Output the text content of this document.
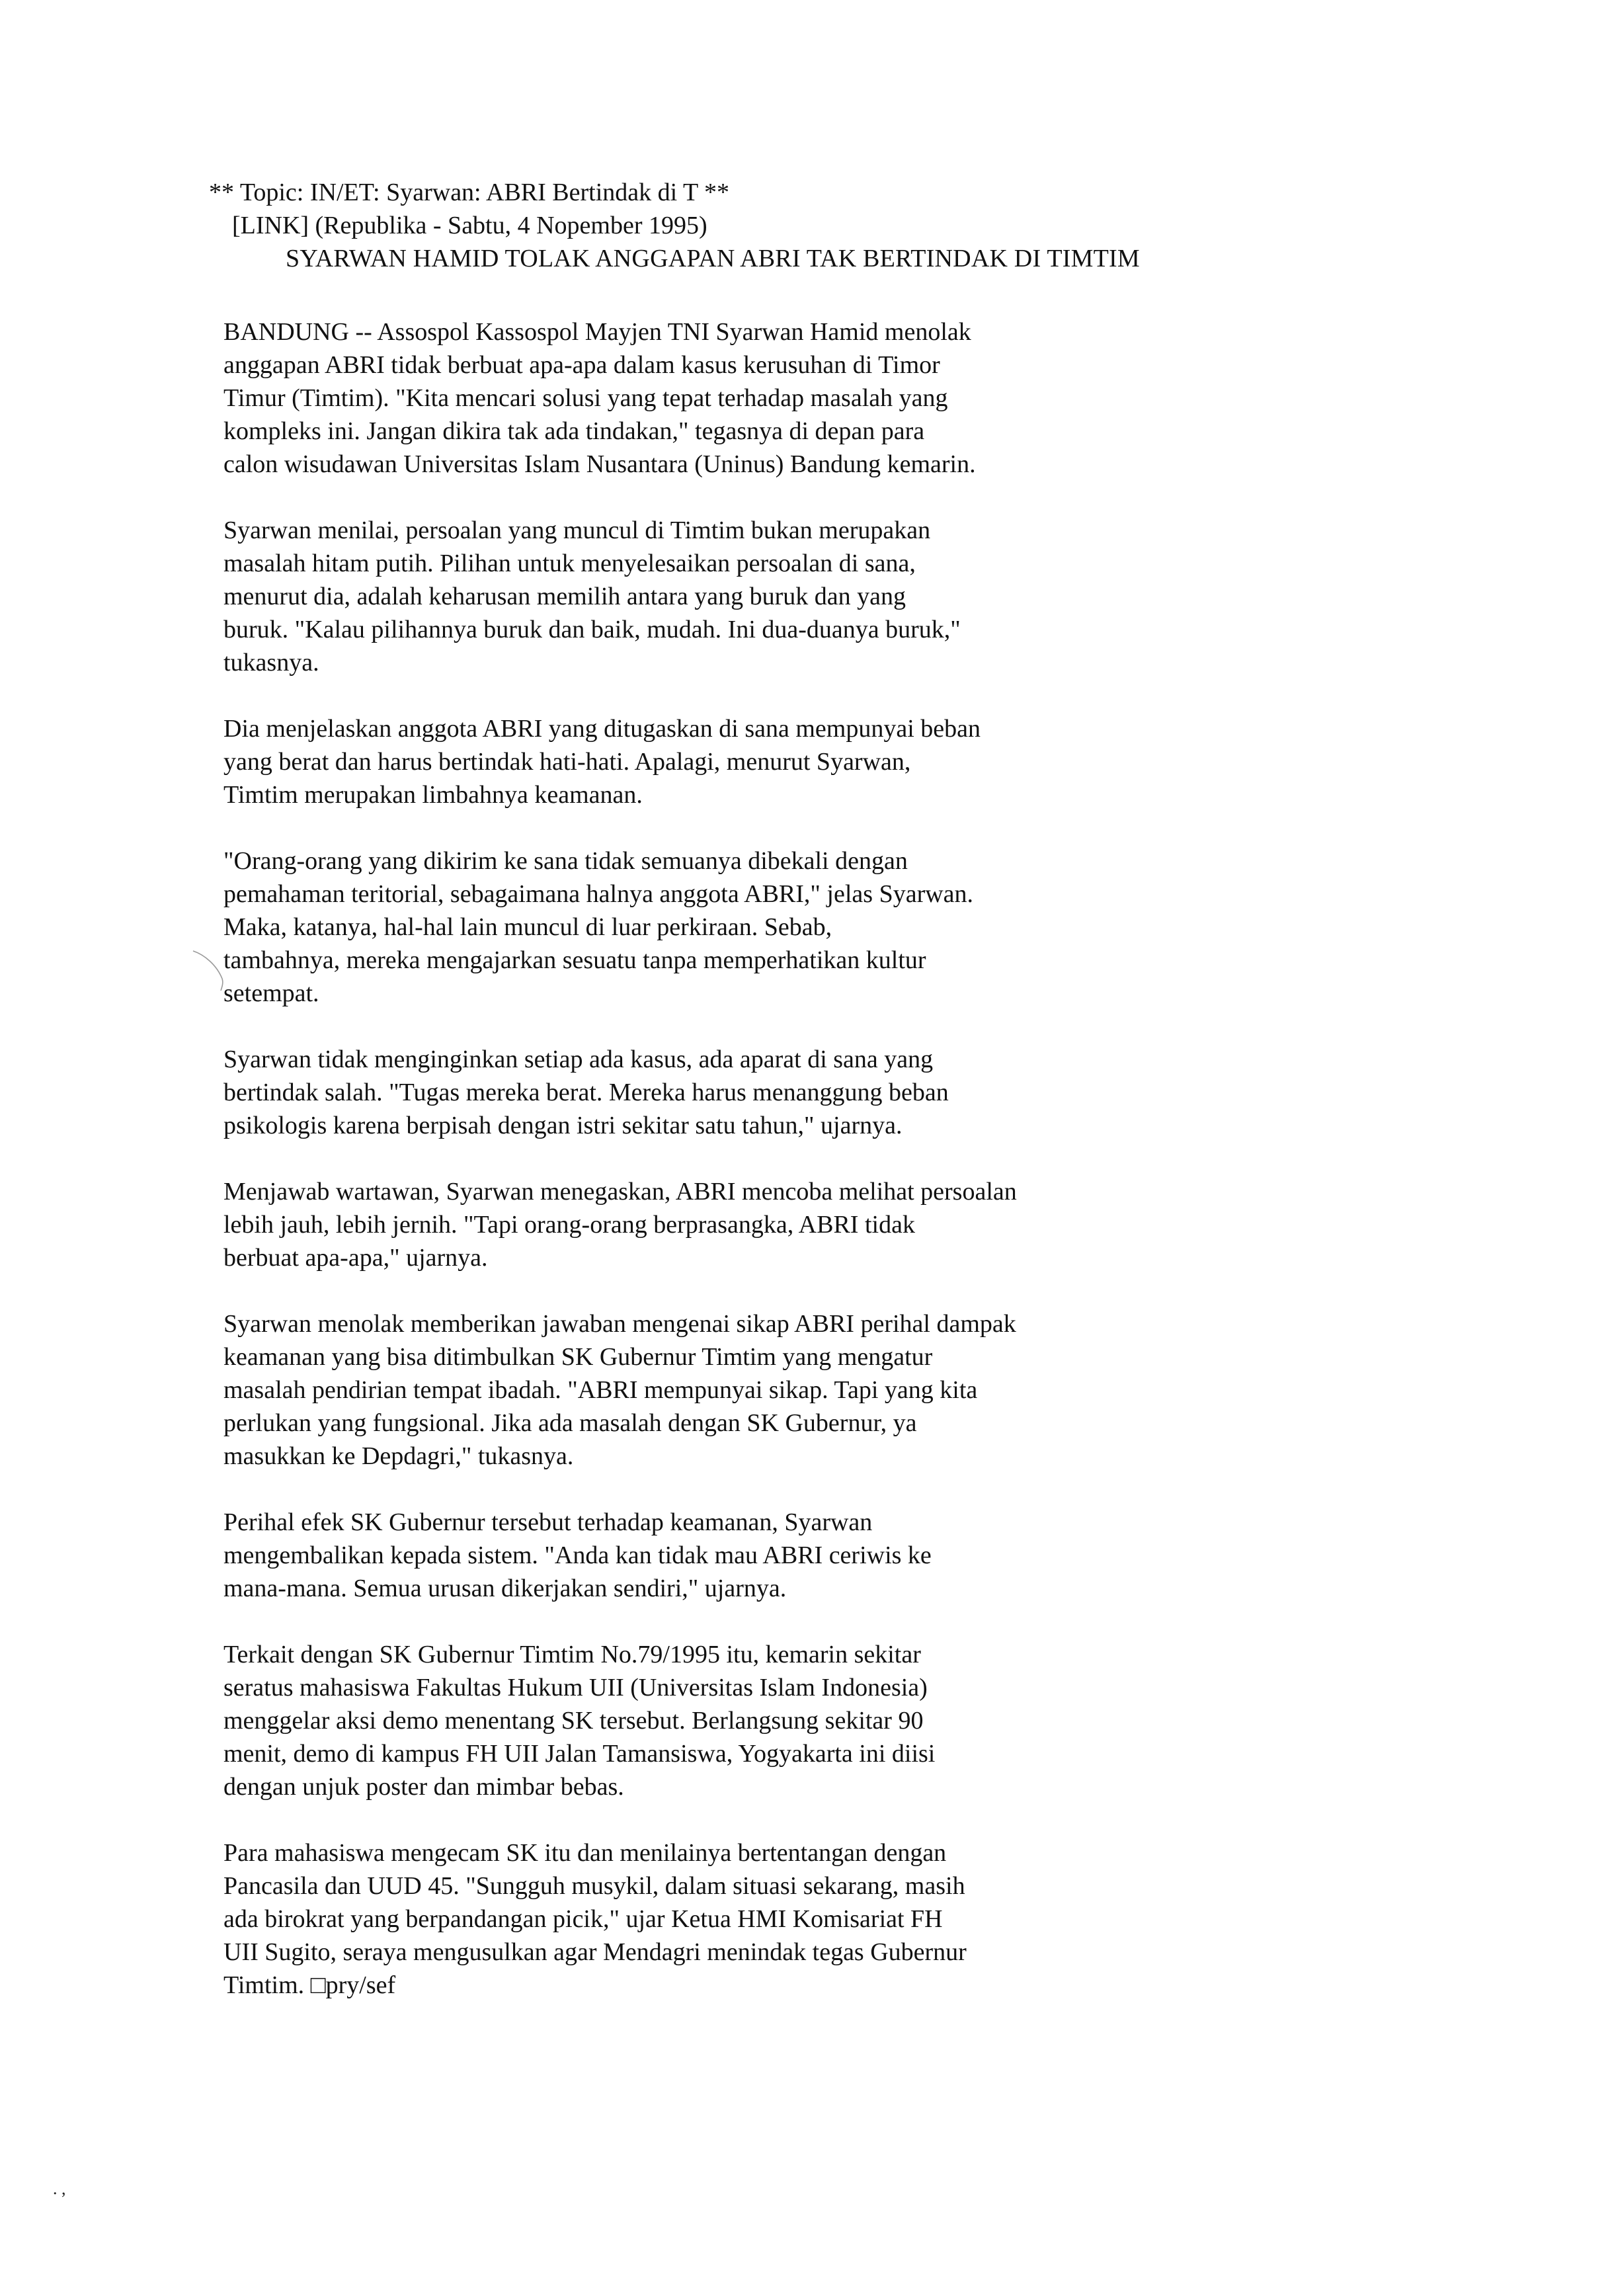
** Topic: IN/ET: Syarwan: ABRI Bertindak di T **
[LINK] (Republika - Sabtu, 4 Nopember 1995)
SYARWAN HAMID TOLAK ANGGAPAN ABRI TAK BERTINDAK DI TIMTIM
BANDUNG -- Assospol Kassospol Mayjen TNI Syarwan Hamid menolak
anggapan ABRI tidak berbuat apa-apa dalam kasus kerusuhan di Timor
Timur (Timtim). "Kita mencari solusi yang tepat terhadap masalah yang
kompleks ini. Jangan dikira tak ada tindakan," tegasnya di depan para
calon wisudawan Universitas Islam Nusantara (Uninus) Bandung kemarin.
Syarwan menilai, persoalan yang muncul di Timtim bukan merupakan
masalah hitam putih. Pilihan untuk menyelesaikan persoalan di sana,
menurut dia, adalah keharusan memilih antara yang buruk dan yang
buruk. "Kalau pilihannya buruk dan baik, mudah. Ini dua-duanya buruk,"
tukasnya.
Dia menjelaskan anggota ABRI yang ditugaskan di sana mempunyai beban
yang berat dan harus bertindak hati-hati. Apalagi, menurut Syarwan,
Timtim merupakan limbahnya keamanan.
"Orang-orang yang dikirim ke sana tidak semuanya dibekali dengan
pemahaman teritorial, sebagaimana halnya anggota ABRI," jelas Syarwan.
Maka, katanya, hal-hal lain muncul di luar perkiraan. Sebab,
tambahnya, mereka mengajarkan sesuatu tanpa memperhatikan kultur
setempat.
Syarwan tidak menginginkan setiap ada kasus, ada aparat di sana yang
bertindak salah. "Tugas mereka berat. Mereka harus menanggung beban
psikologis karena berpisah dengan istri sekitar satu tahun," ujarnya.
Menjawab wartawan, Syarwan menegaskan, ABRI mencoba melihat persoalan
lebih jauh, lebih jernih. "Tapi orang-orang berprasangka, ABRI tidak
berbuat apa-apa," ujarnya.
Syarwan menolak memberikan jawaban mengenai sikap ABRI perihal dampak
keamanan yang bisa ditimbulkan SK Gubernur Timtim yang mengatur
masalah pendirian tempat ibadah. "ABRI mempunyai sikap. Tapi yang kita
perlukan yang fungsional. Jika ada masalah dengan SK Gubernur, ya
masukkan ke Depdagri," tukasnya.
Perihal efek SK Gubernur tersebut terhadap keamanan, Syarwan
mengembalikan kepada sistem. "Anda kan tidak mau ABRI ceriwis ke
mana-mana. Semua urusan dikerjakan sendiri," ujarnya.
Terkait dengan SK Gubernur Timtim No.79/1995 itu, kemarin sekitar
seratus mahasiswa Fakultas Hukum UII (Universitas Islam Indonesia)
menggelar aksi demo menentang SK tersebut. Berlangsung sekitar 90
menit, demo di kampus FH UII Jalan Tamansiswa, Yogyakarta ini diisi
dengan unjuk poster dan mimbar bebas.
Para mahasiswa mengecam SK itu dan menilainya bertentangan dengan
Pancasila dan UUD 45. "Sungguh musykil, dalam situasi sekarang, masih
ada birokrat yang berpandangan picik," ujar Ketua HMI Komisariat FH
UII Sugito, seraya mengusulkan agar Mendagri menindak tegas Gubernur
Timtim. □pry/sef
. ,
